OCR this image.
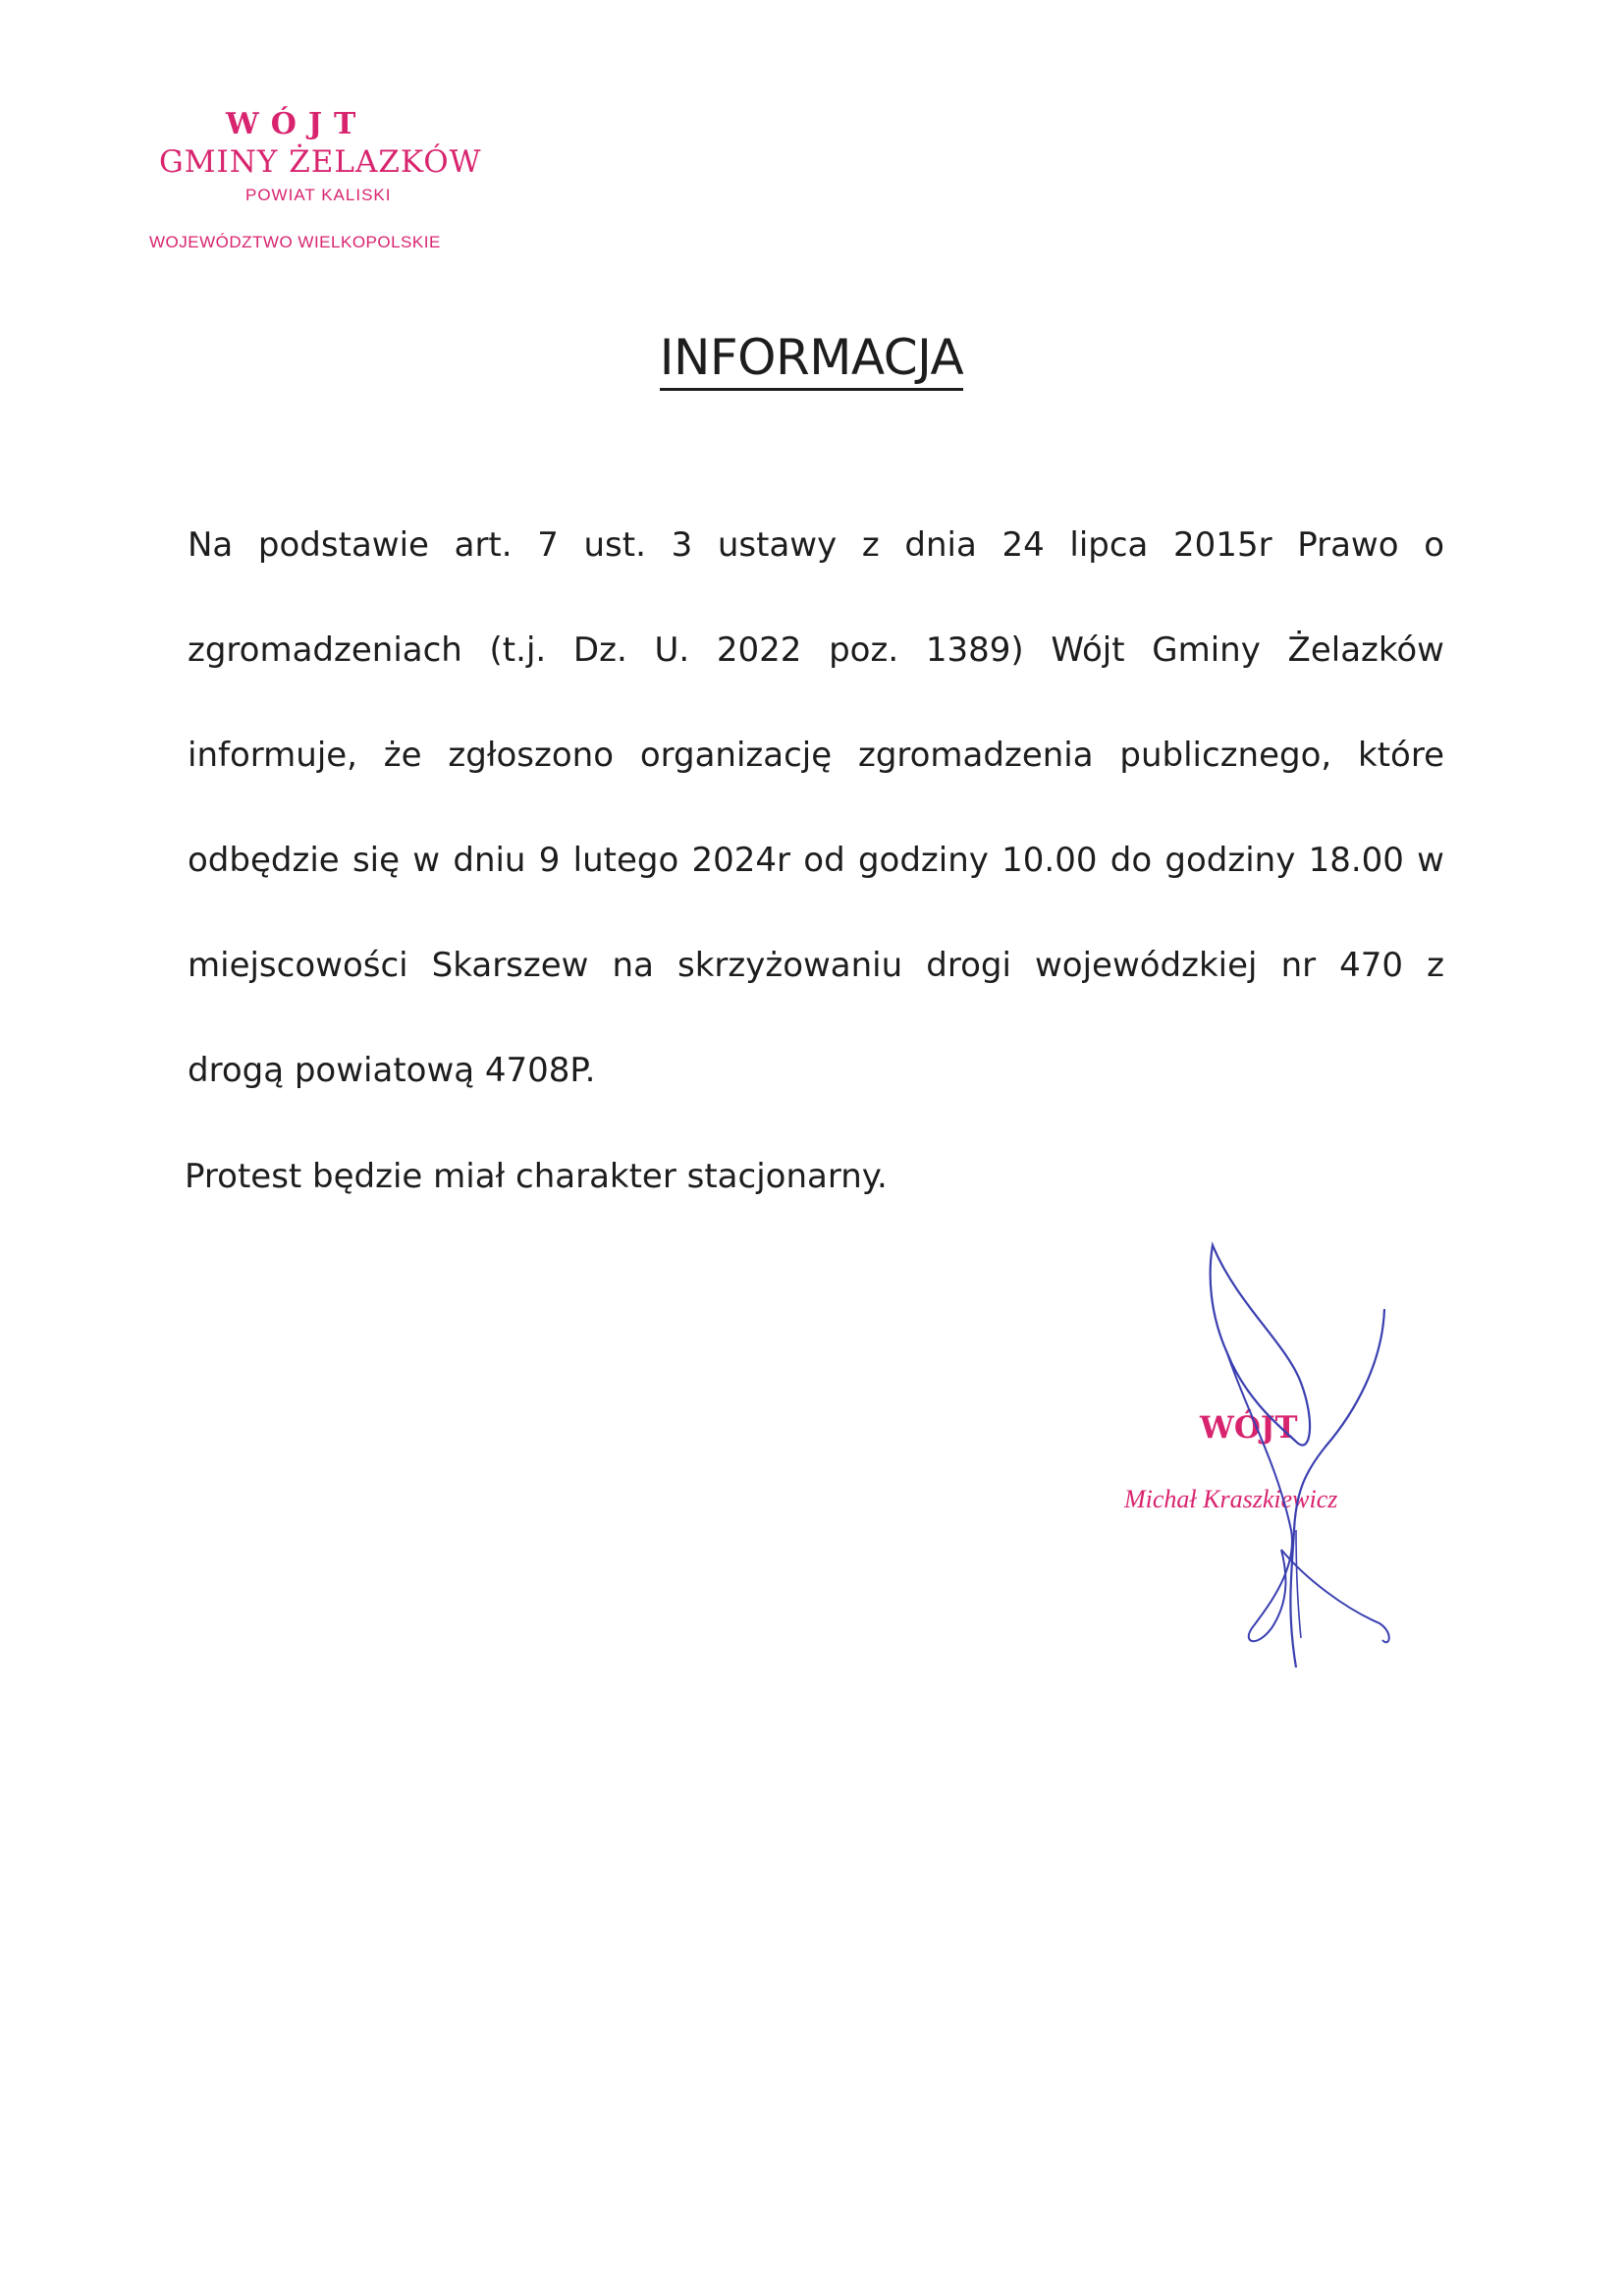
WÓJT
GMINY ŻELAZKÓW
POWIAT KALISKI
WOJEWÓDZTWO WIELKOPOLSKIE
INFORMACJA

Na podstawie art. 7 ust. 3 ustawy z dnia 24 lipca 2015r Prawo o zgromadzeniach (t.j. Dz. U. 2022 poz. 1389) Wójt Gminy Żelazków informuje, że zgłoszono organizację zgromadzenia publicznego, które odbędzie się w dniu 9 lutego 2024r od godziny 10.00 do godziny 18.00 w miejscowości Skarszew na skrzyżowaniu drogi wojewódzkiej nr 470 z drogą powiatową 4708P.

Protest będzie miał charakter stacjonarny.

WÓJT
Michał Kraszkiewicz
